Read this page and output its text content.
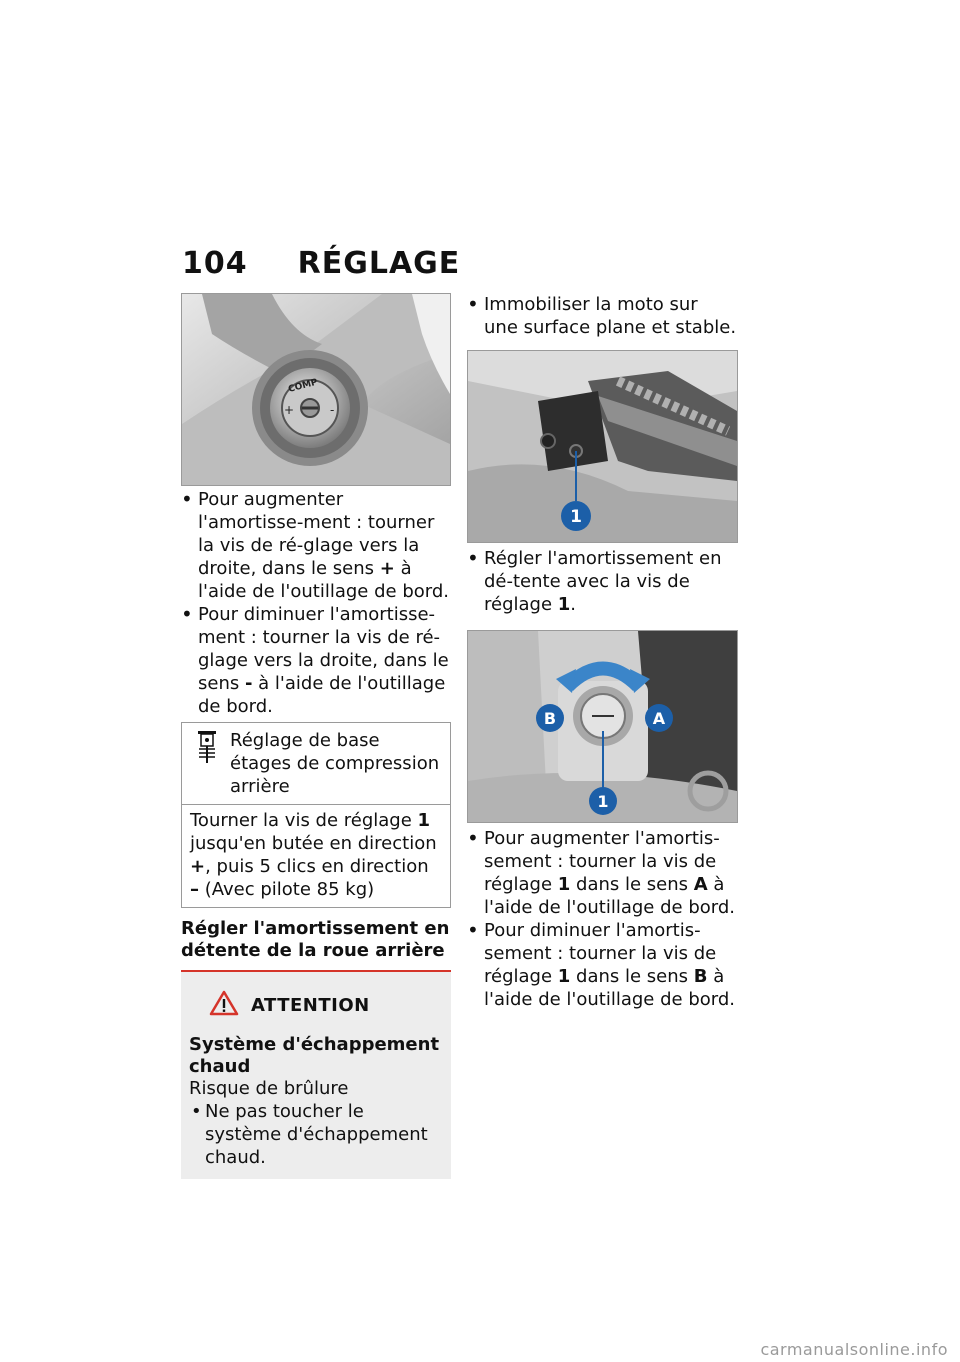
104 RÉGLAGE
COMP
+	-
• Pour augmenter l'amortisse-ment : tourner la vis de ré-glage vers la droite, dans le sens + à l'aide de l'outillage de bord.
• Pour diminuer l'amortisse-ment : tourner la vis de ré-glage vers la droite, dans le sens - à l'aide de l'outillage de bord.
Réglage de base étages de compression arrière
Tourner la vis de réglage 1 jusqu'en butée en direction +, puis 5 clics en direction – (Avec pilote 85 kg)
Régler l'amortissement en détente de la roue arrière
ATTENTION
Système d'échappement chaud
Risque de brûlure
• Ne pas toucher le système d'échappement chaud.
• Immobiliser la moto sur une surface plane et stable.
1
• Régler l'amortissement en dé-tente avec la vis de réglage 1.
B	A
1
• Pour augmenter l'amortis-sement : tourner la vis de réglage 1 dans le sens A à l'aide de l'outillage de bord.
• Pour diminuer l'amortis-sement : tourner la vis de réglage 1 dans le sens B à l'aide de l'outillage de bord.
carmanualsonline.info
